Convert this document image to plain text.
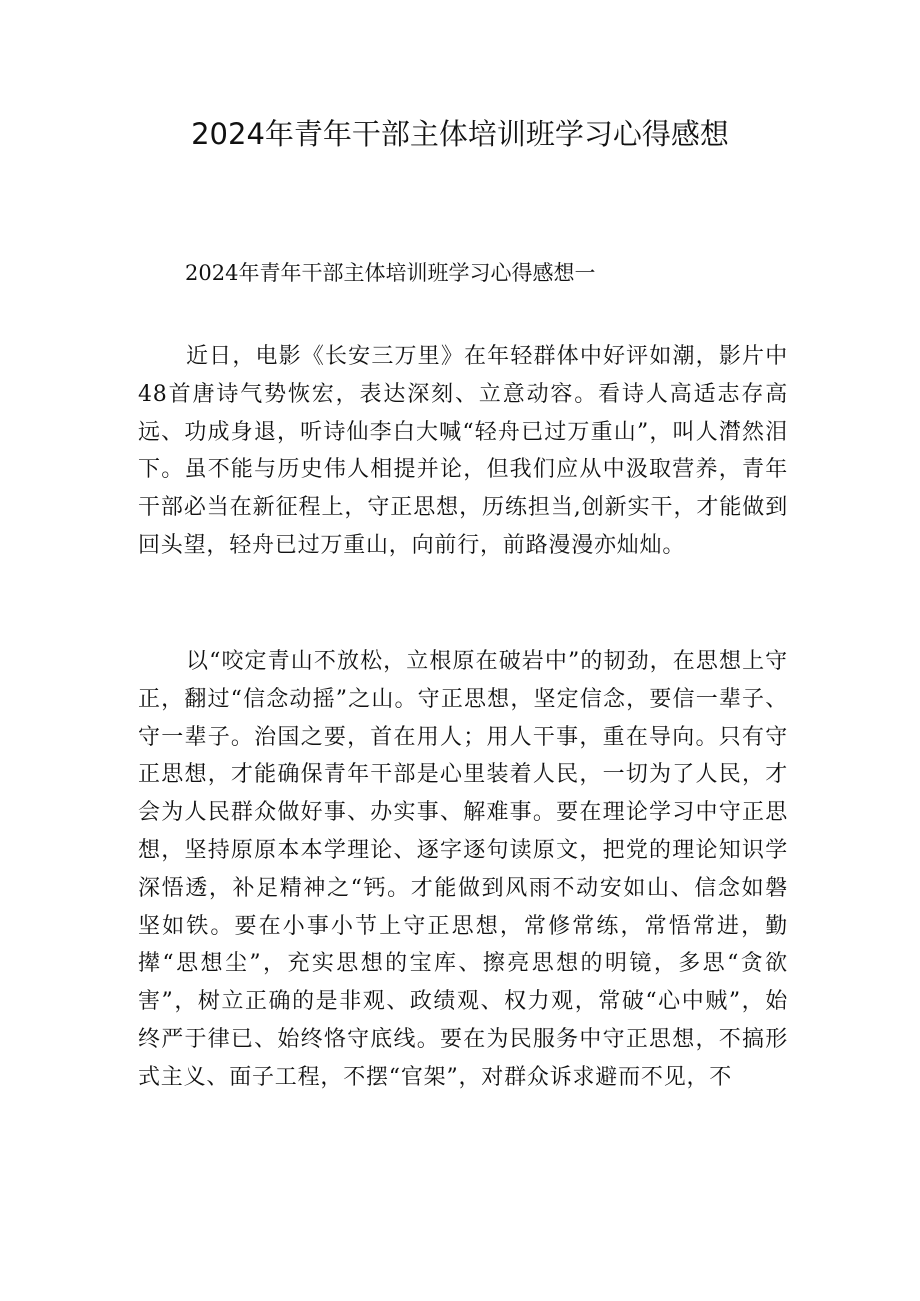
2024年青年干部主体培训班学习心得感想

2024年青年干部主体培训班学习心得感想一

近日，电影《长安三万里》在年轻群体中好评如潮，影片中48首唐诗气势恢宏，表达深刻、立意动容。看诗人高适志存高远、功成身退，听诗仙李白大喊“轻舟已过万重山”，叫人潸然泪下。虽不能与历史伟人相提并论，但我们应从中汲取营养，青年干部必当在新征程上，守正思想，历练担当,创新实干，才能做到回头望，轻舟已过万重山，向前行，前路漫漫亦灿灿。

以“咬定青山不放松，立根原在破岩中”的韧劲，在思想上守正，翻过“信念动摇”之山。守正思想，坚定信念，要信一辈子、守一辈子。治国之要，首在用人；用人干事，重在导向。只有守正思想，才能确保青年干部是心里装着人民，一切为了人民，才会为人民群众做好事、办实事、解难事。要在理论学习中守正思想，坚持原原本本学理论、逐字逐句读原文，把党的理论知识学深悟透，补足精神之“钙。才能做到风雨不动安如山、信念如磐坚如铁。要在小事小节上守正思想，常修常练，常悟常进，勤撵“思想尘”，充实思想的宝库、擦亮思想的明镜，多思“贪欲害”，树立正确的是非观、政绩观、权力观，常破“心中贼”，始终严于律已、始终恪守底线。要在为民服务中守正思想，不搞形式主义、面子工程，不摆“官架”，对群众诉求避而不见，不
